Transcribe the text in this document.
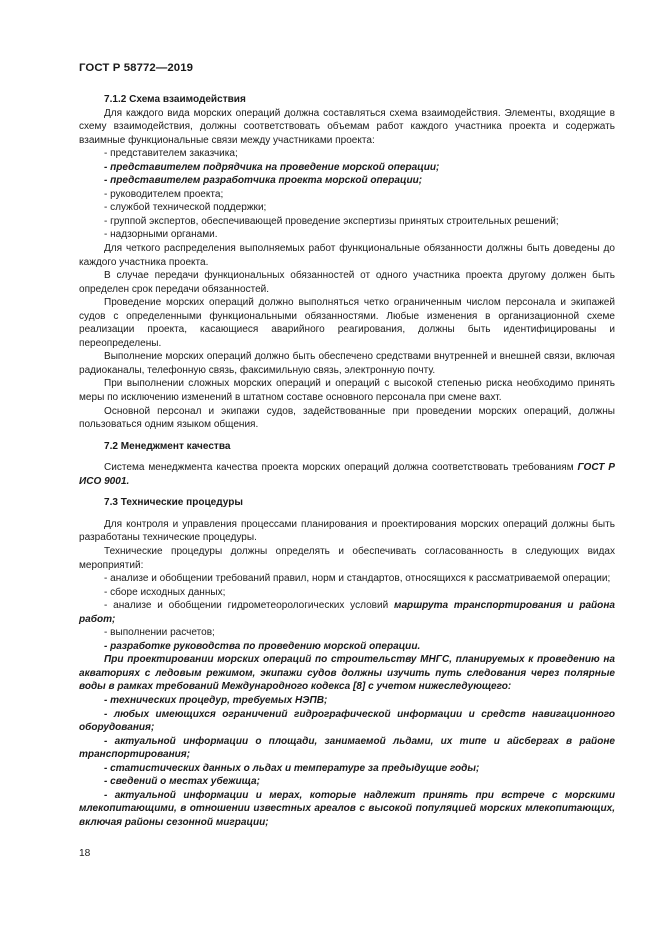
ГОСТ Р 58772—2019

7.1.2 Схема взаимодействия

Для каждого вида морских операций должна составляться схема взаимодействия. Элементы, входящие в схему взаимодействия, должны соответствовать объемам работ каждого участника проекта и содержать взаимные функциональные связи между участниками проекта:

- представителем заказчика;

- представителем подрядчика на проведение морской операции;

- представителем разработчика проекта морской операции;

- руководителем проекта;

- службой технической поддержки;

- группой экспертов, обеспечивающей проведение экспертизы принятых строительных решений;

- надзорными органами.

Для четкого распределения выполняемых работ функциональные обязанности должны быть доведены до каждого участника проекта.

В случае передачи функциональных обязанностей от одного участника проекта другому должен быть определен срок передачи обязанностей.

Проведение морских операций должно выполняться четко ограниченным числом персонала и экипажей судов с определенными функциональными обязанностями. Любые изменения в организационной схеме реализации проекта, касающиеся аварийного реагирования, должны быть идентифицированы и переопределены.

Выполнение морских операций должно быть обеспечено средствами внутренней и внешней связи, включая радиоканалы, телефонную связь, факсимильную связь, электронную почту.

При выполнении сложных морских операций и операций с высокой степенью риска необходимо принять меры по исключению изменений в штатном составе основного персонала при смене вахт.

Основной персонал и экипажи судов, задействованные при проведении морских операций, должны пользоваться одним языком общения.

7.2 Менеджмент качества

Система менеджмента качества проекта морских операций должна соответствовать требованиям ГОСТ Р ИСО 9001.

7.3 Технические процедуры

Для контроля и управления процессами планирования и проектирования морских операций должны быть разработаны технические процедуры.

Технические процедуры должны определять и обеспечивать согласованность в следующих видах мероприятий:

- анализе и обобщении требований правил, норм и стандартов, относящихся к рассматриваемой операции;

- сборе исходных данных;

- анализе и обобщении гидрометеорологических условий маршрута транспортирования и района работ;

- выполнении расчетов;

- разработке руководства по проведению морской операции.

При проектировании морских операций по строительству МНГС, планируемых к проведению на акваториях с ледовым режимом, экипажи судов должны изучить путь следования через полярные воды в рамках требований Международного кодекса [8] с учетом нижеследующего:

- технических процедур, требуемых НЭПВ;

- любых имеющихся ограничений гидрографической информации и средств навигационного оборудования;

- актуальной информации о площади, занимаемой льдами, их типе и айсбергах в районе транспортирования;

- статистических данных о льдах и температуре за предыдущие годы;

- сведений о местах убежища;

- актуальной информации и мерах, которые надлежит принять при встрече с морскими млекопитающими, в отношении известных ареалов с высокой популяцией морских млекопитающих, включая районы сезонной миграции;

18
